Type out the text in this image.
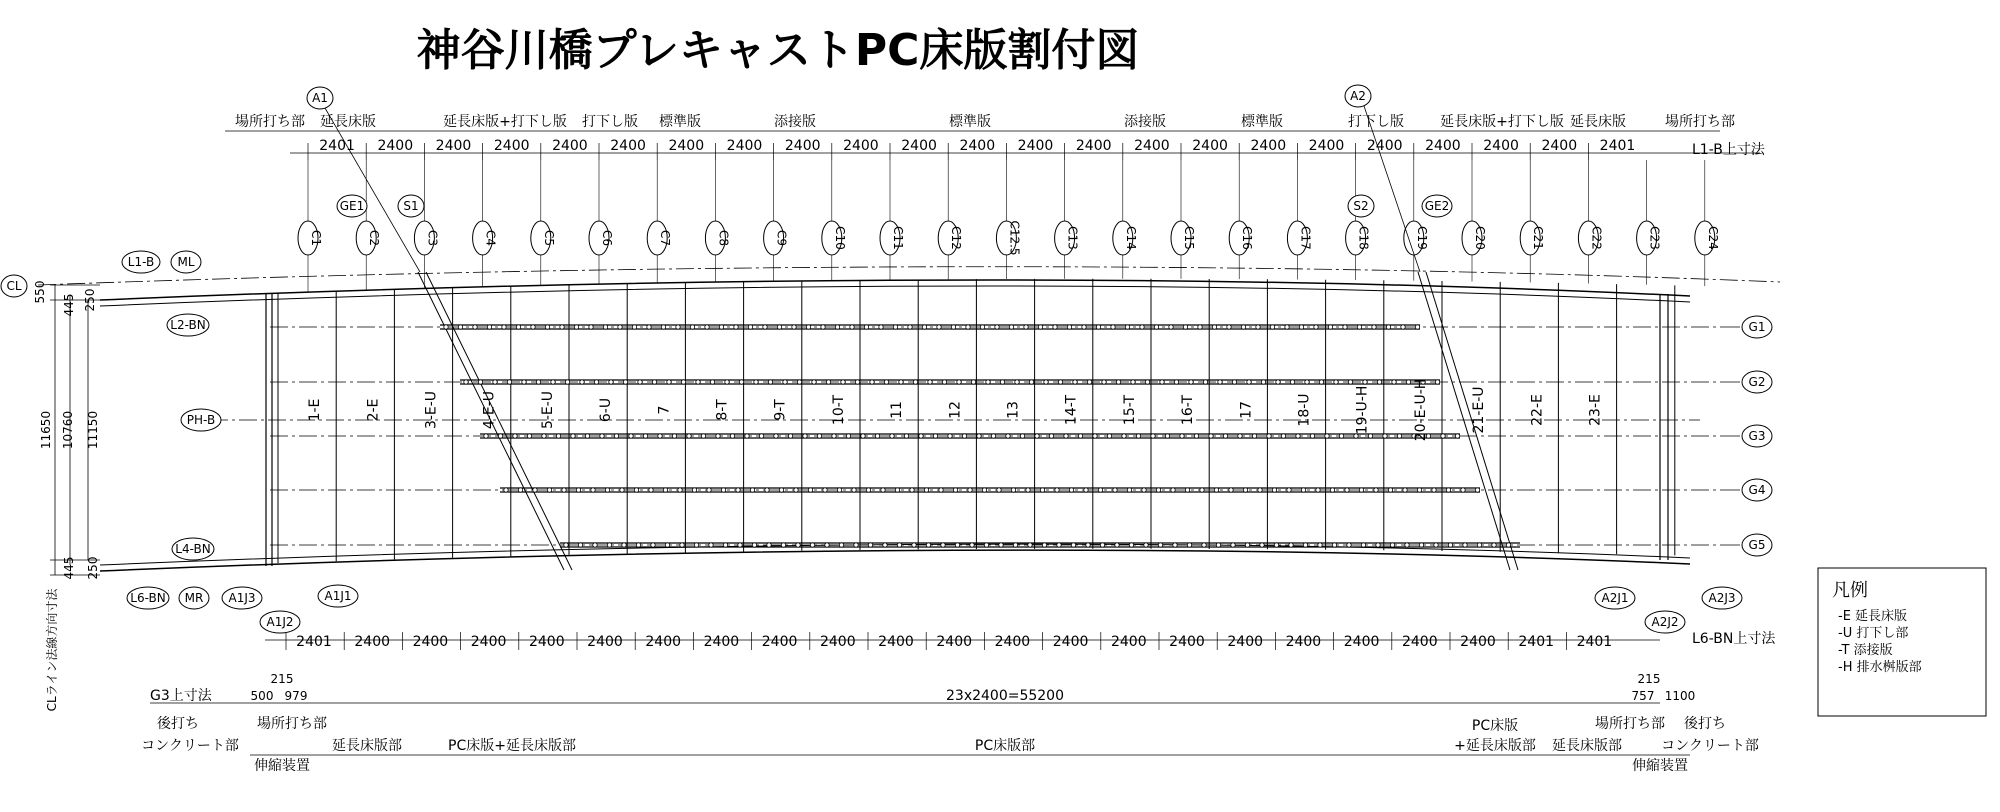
神谷川橋プレキャストPC床版割付図
場所打ち部 延長床版	延長床版+打下し版 打下し版 標準版	添接版	標準版	添接版	標準版	打下し版	延長床版+打下し版 延長床版	場所打ち部
2401 2400 2400 2400 2400 2400 2400 2400 2400 2400 2400 2400 2400 2400 2400 2400 2400 2400 2400 2400 2400 2400 2401
C1	C2	C3	C4	C5	C6	C7	C8	C9	C10	C11	C12	C12.5	C13	C14	C15	C16	C17	C18	C19	C20	C21	C22	C23	C24
1-E	2-E	3-E-U	4-E-U	5-E-U	6-U	7	8-T	9-T	10-T	11	12	13	14-T	15-T	16-T	17	18-U	19-U-H	20-E-U-H	21-E-U	22-E	23-E
G1
G2
G3
G4
G5
2401 2400 2400 2400 2400 2400 2400 2400 2400 2400 2400 2400 2400 2400 2400 2400 2400 2400 2400 2400 2400 2401 2401
L1-B上寸法
A1	A2
GE1	S1	S2	GE2
CL
L1-B ML
L2-BN
PH-B
L4-BN
L6-BN MR
550
445 250
11650 10760 11150
445 250
CLライン法線方向寸法	A1J3	A1J1
A1J2
A2J1
A2J2
A2J3
L6-BN上寸法
G3上寸法
215
500 979	23x2400=55200
215
757 1100
後打ち	場所打ち部
コンクリート部	延長床版部	PC床版+延長床版部	PC床版部
PC床版
+延長床版部 延長床版部
場所打ち部 後打ち
コンクリート部
伸縮装置	伸縮装置
凡例
-E 延長床版
-U 打下し部
-T 添接版
-H 排水桝版部
